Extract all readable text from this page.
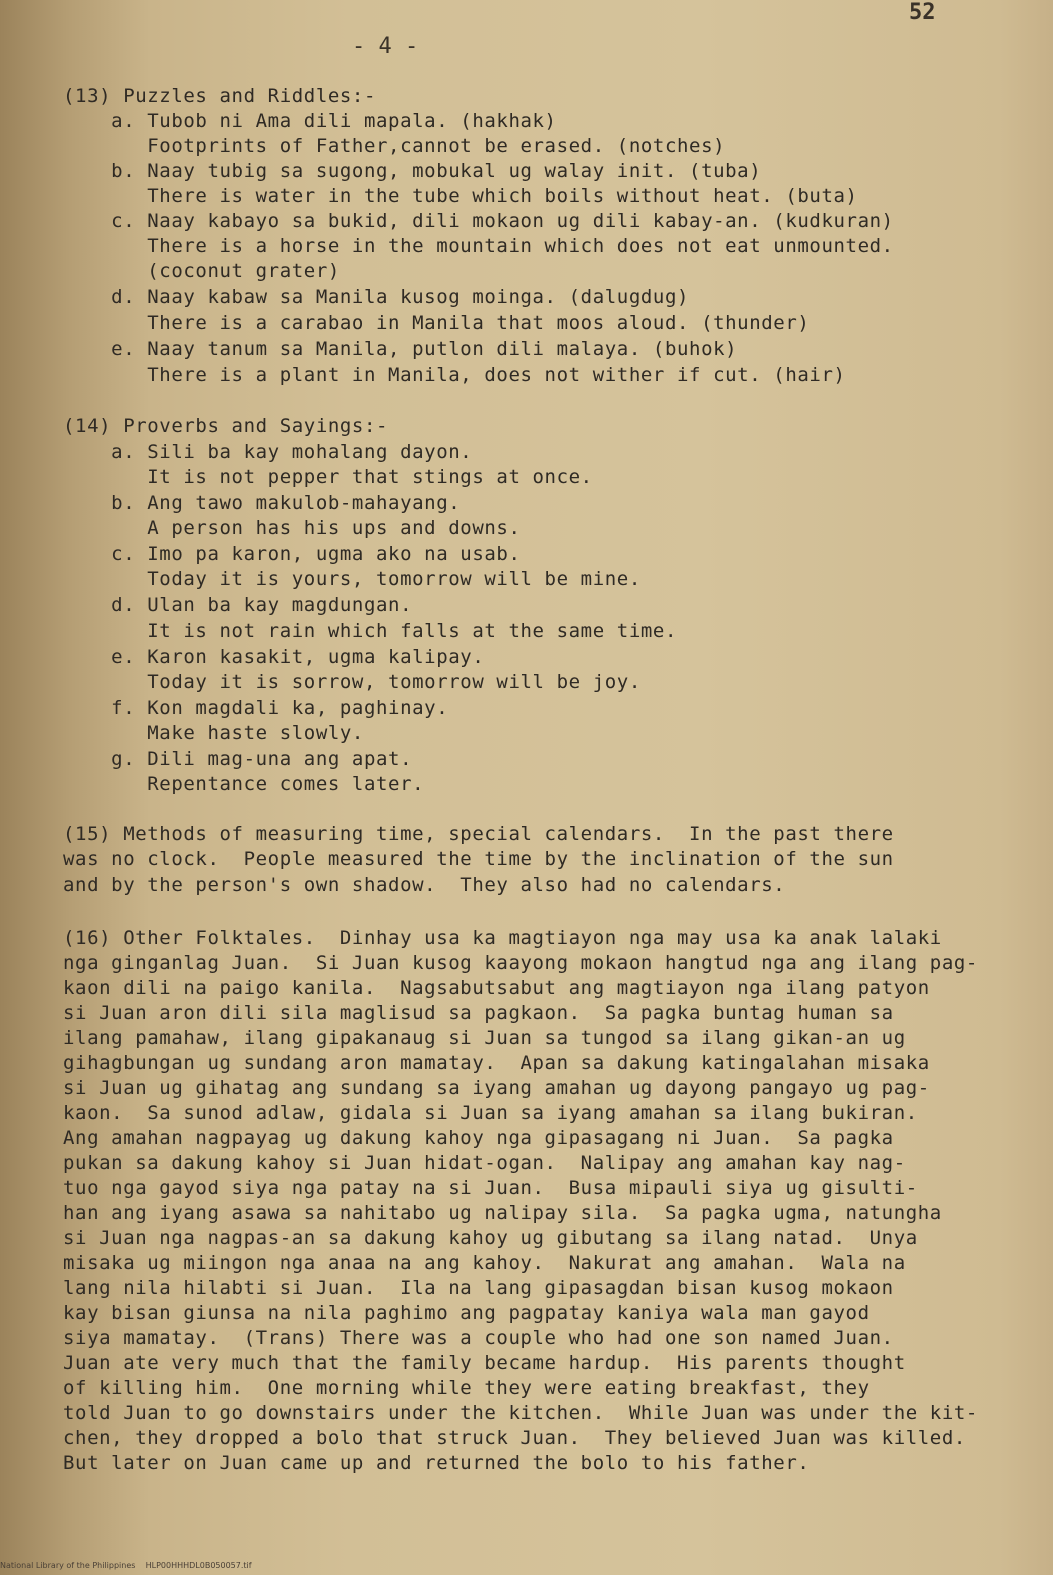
52
- 4 -
(13) Puzzles and Riddles:-
a. Tubob ni Ama dili mapala. (hakhak)
Footprints of Father,cannot be erased. (notches)
b. Naay tubig sa sugong, mobukal ug walay init. (tuba)
There is water in the tube which boils without heat. (buta)
c. Naay kabayo sa bukid, dili mokaon ug dili kabay-an. (kudkuran)
There is a horse in the mountain which does not eat unmounted.
(coconut grater)
d. Naay kabaw sa Manila kusog moinga. (dalugdug)
There is a carabao in Manila that moos aloud. (thunder)
e. Naay tanum sa Manila, putlon dili malaya. (buhok)
There is a plant in Manila, does not wither if cut. (hair)
(14) Proverbs and Sayings:-
a. Sili ba kay mohalang dayon.
It is not pepper that stings at once.
b. Ang tawo makulob-mahayang.
A person has his ups and downs.
c. Imo pa karon, ugma ako na usab.
Today it is yours, tomorrow will be mine.
d. Ulan ba kay magdungan.
It is not rain which falls at the same time.
e. Karon kasakit, ugma kalipay.
Today it is sorrow, tomorrow will be joy.
f. Kon magdali ka, paghinay.
Make haste slowly.
g. Dili mag-una ang apat.
Repentance comes later.
(15) Methods of measuring time, special calendars.  In the past there
was no clock.  People measured the time by the inclination of the sun
and by the person's own shadow.  They also had no calendars.
(16) Other Folktales.  Dinhay usa ka magtiayon nga may usa ka anak lalaki
nga ginganlag Juan.  Si Juan kusog kaayong mokaon hangtud nga ang ilang pag-
kaon dili na paigo kanila.  Nagsabutsabut ang magtiayon nga ilang patyon
si Juan aron dili sila maglisud sa pagkaon.  Sa pagka buntag human sa
ilang pamahaw, ilang gipakanaug si Juan sa tungod sa ilang gikan-an ug
gihagbungan ug sundang aron mamatay.  Apan sa dakung katingalahan misaka
si Juan ug gihatag ang sundang sa iyang amahan ug dayong pangayo ug pag-
kaon.  Sa sunod adlaw, gidala si Juan sa iyang amahan sa ilang bukiran.
Ang amahan nagpayag ug dakung kahoy nga gipasagang ni Juan.  Sa pagka
pukan sa dakung kahoy si Juan hidat-ogan.  Nalipay ang amahan kay nag-
tuo nga gayod siya nga patay na si Juan.  Busa mipauli siya ug gisulti-
han ang iyang asawa sa nahitabo ug nalipay sila.  Sa pagka ugma, natungha
si Juan nga nagpas-an sa dakung kahoy ug gibutang sa ilang natad.  Unya
misaka ug miingon nga anaa na ang kahoy.  Nakurat ang amahan.  Wala na
lang nila hilabti si Juan.  Ila na lang gipasagdan bisan kusog mokaon
kay bisan giunsa na nila paghimo ang pagpatay kaniya wala man gayod
siya mamatay.  (Trans) There was a couple who had one son named Juan.
Juan ate very much that the family became hardup.  His parents thought
of killing him.  One morning while they were eating breakfast, they
told Juan to go downstairs under the kitchen.  While Juan was under the kit-
chen, they dropped a bolo that struck Juan.  They believed Juan was killed.
But later on Juan came up and returned the bolo to his father.
National Library of the Philippines    HLP00HHHDL0B050057.tif
